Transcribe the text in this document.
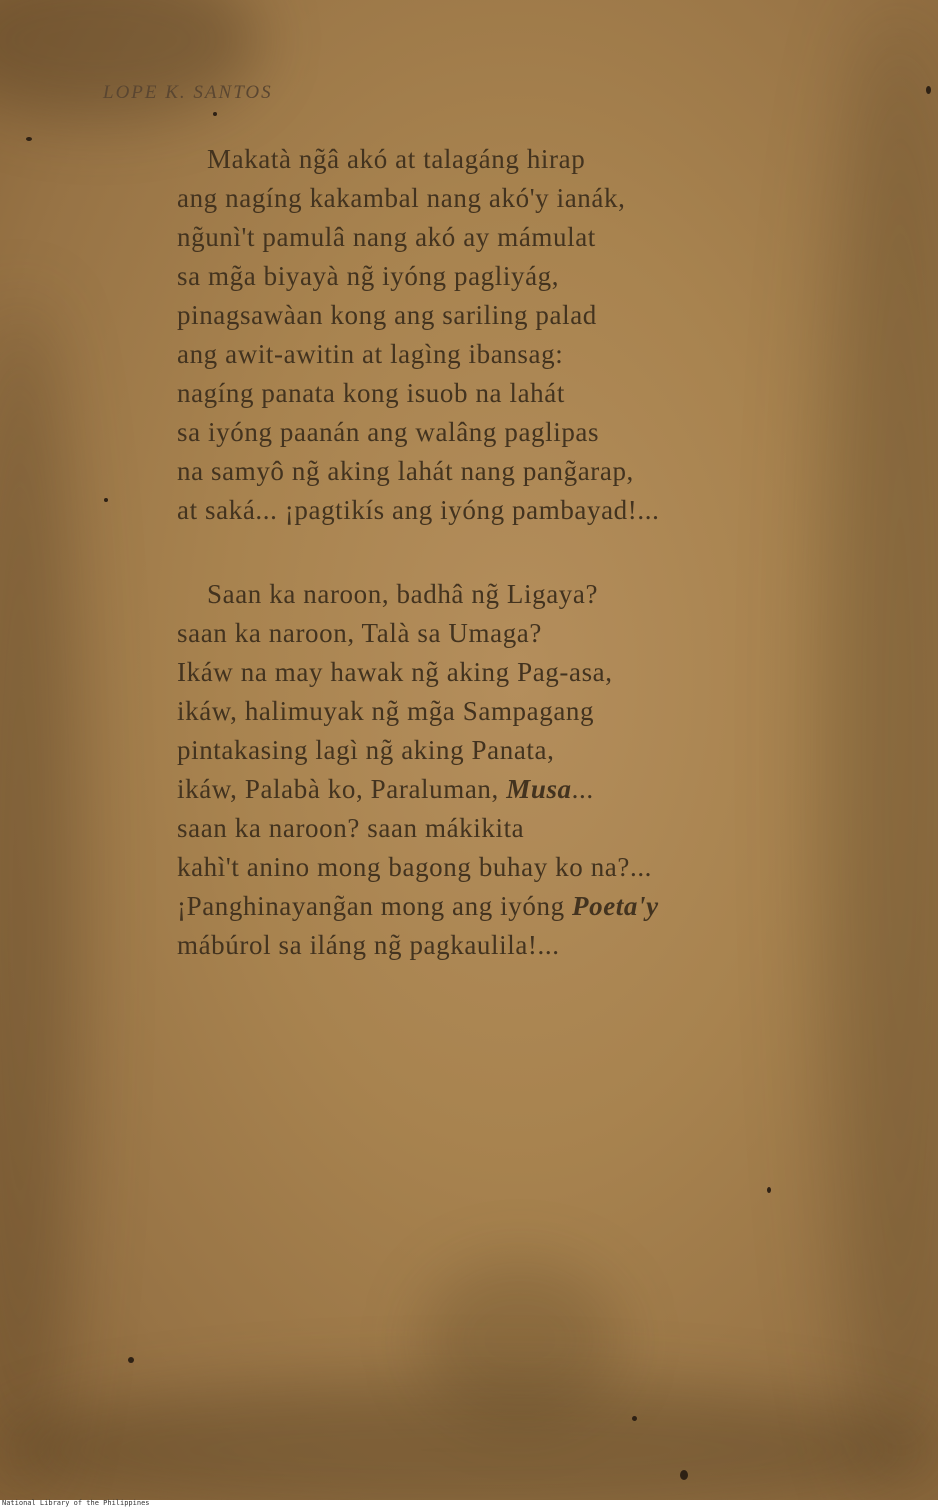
LOPE K. SANTOS
Makatà ng̃â akó at talagáng hirap
ang nagíng kakambal nang akó'y ianák,
ng̃unì't pamulâ nang akó ay mámulat
sa mg̃a biyayà ng̃ iyóng pagliyág,
pinagsawàan kong ang sariling palad
ang awit-awitin at lagìng ibansag:
nagíng panata kong isuob na lahát
sa iyóng paanán ang walâng paglipas
na samyô ng̃ aking lahát nang pang̃arap,
at saká... ¡pagtikís ang iyóng pambayad!...
Saan ka naroon, badhâ ng̃ Ligaya?
saan ka naroon, Talà sa Umaga?
Ikáw na may hawak ng̃ aking Pag-asa,
ikáw, halimuyak ng̃ mg̃a Sampagang
pintakasing lagì ng̃ aking Panata,
ikáw, Palabà ko, Paraluman, Musa...
saan ka naroon? saan mákikita
kahì't anino mong bagong buhay ko na?...
¡Panghinayang̃an mong ang iyóng Poeta'y
mábúrol sa iláng ng̃ pagkaulila!...
National Library of the Philippines
